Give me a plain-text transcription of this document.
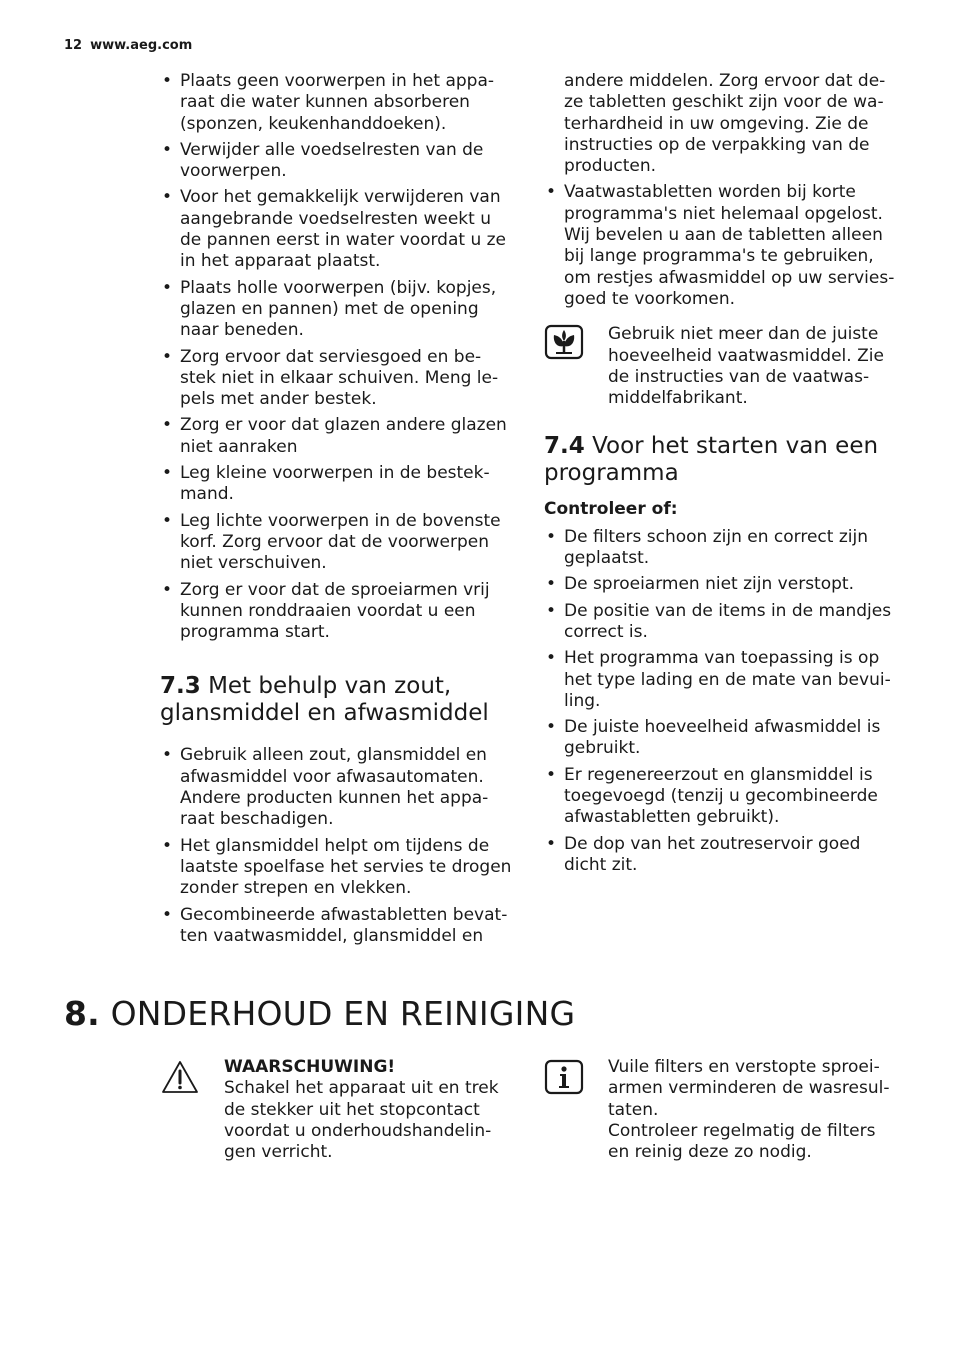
12 www.aeg.com
• Plaats geen voorwerpen in het appa-
raat die water kunnen absorberen
(sponzen, keukenhanddoeken).
• Verwijder alle voedselresten van de
voorwerpen.
• Voor het gemakkelijk verwijderen van
aangebrande voedselresten weekt u
de pannen eerst in water voordat u ze
in het apparaat plaatst.
• Plaats holle voorwerpen (bijv. kopjes,
glazen en pannen) met de opening
naar beneden.
• Zorg ervoor dat serviesgoed en be-
stek niet in elkaar schuiven. Meng le-
pels met ander bestek.
• Zorg er voor dat glazen andere glazen
niet aanraken
• Leg kleine voorwerpen in de bestek-
mand.
• Leg lichte voorwerpen in de bovenste
korf. Zorg ervoor dat de voorwerpen
niet verschuiven.
• Zorg er voor dat de sproeiarmen vrij
kunnen ronddraaien voordat u een
programma start.
7.3 Met behulp van zout, glansmiddel en afwasmiddel
• Gebruik alleen zout, glansmiddel en
afwasmiddel voor afwasautomaten.
Andere producten kunnen het appa-
raat beschadigen.
• Het glansmiddel helpt om tijdens de
laatste spoelfase het servies te drogen
zonder strepen en vlekken.
• Gecombineerde afwastabletten bevat-
ten vaatwasmiddel, glansmiddel en
andere middelen. Zorg ervoor dat de-
ze tabletten geschikt zijn voor de wa-
terhardheid in uw omgeving. Zie de
instructies op de verpakking van de
producten.
• Vaatwastabletten worden bij korte
programma's niet helemaal opgelost.
Wij bevelen u aan de tabletten alleen
bij lange programma's te gebruiken,
om restjes afwasmiddel op uw servies-
goed te voorkomen.
Gebruik niet meer dan de juiste
hoeveelheid vaatwasmiddel. Zie
de instructies van de vaatwas-
middelfabrikant.
7.4 Voor het starten van een programma
Controleer of:
• De filters schoon zijn en correct zijn
geplaatst.
• De sproeiarmen niet zijn verstopt.
• De positie van de items in de mandjes
correct is.
• Het programma van toepassing is op
het type lading en de mate van bevui-
ling.
• De juiste hoeveelheid afwasmiddel is
gebruikt.
• Er regenereerzout en glansmiddel is
toegevoegd (tenzij u gecombineerde
afwastabletten gebruikt).
• De dop van het zoutreservoir goed
dicht zit.
8. ONDERHOUD EN REINIGING
WAARSCHUWING!
Schakel het apparaat uit en trek
de stekker uit het stopcontact
voordat u onderhoudshandelin-
gen verricht.
Vuile filters en verstopte sproei-
armen verminderen de wasresul-
taten.
Controleer regelmatig de filters
en reinig deze zo nodig.
